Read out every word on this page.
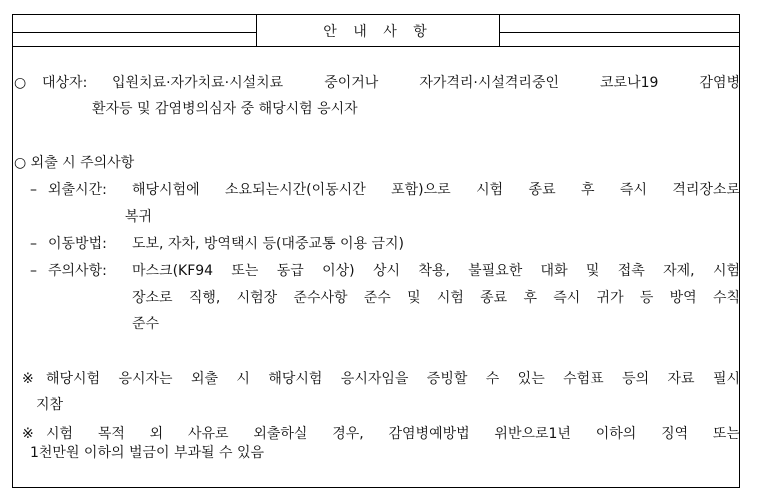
안 내 사 항
○ 대상자: 입원치료·자가치료·시설치료 중이거나 자가격리·시설격리중인 코로나19 감염병
환자등 및 감염병의심자 중 해당시험 응시자
○ 외출 시 주의사항
– 외출시간: 해당시험에 소요되는시간(이동시간 포함)으로 시험 종료 후 즉시 격리장소로
복귀
– 이동방법: 도보, 자차, 방역택시 등(대중교통 이용 금지)
– 주의사항: 마스크(KF94 또는 동급 이상) 상시 착용, 불필요한 대화 및 접촉 자제, 시험
장소로 직행, 시험장 준수사항 준수 및 시험 종료 후 즉시 귀가 등 방역 수칙
준수
※ 해당시험 응시자는 외출 시 해당시험 응시자임을 증빙할 수 있는 수험표 등의 자료 필시
지참
※ 시험 목적 외 사유로 외출하실 경우, 감염병예방법 위반으로1년 이하의 징역 또는
1천만원 이하의 벌금이 부과될 수 있음
